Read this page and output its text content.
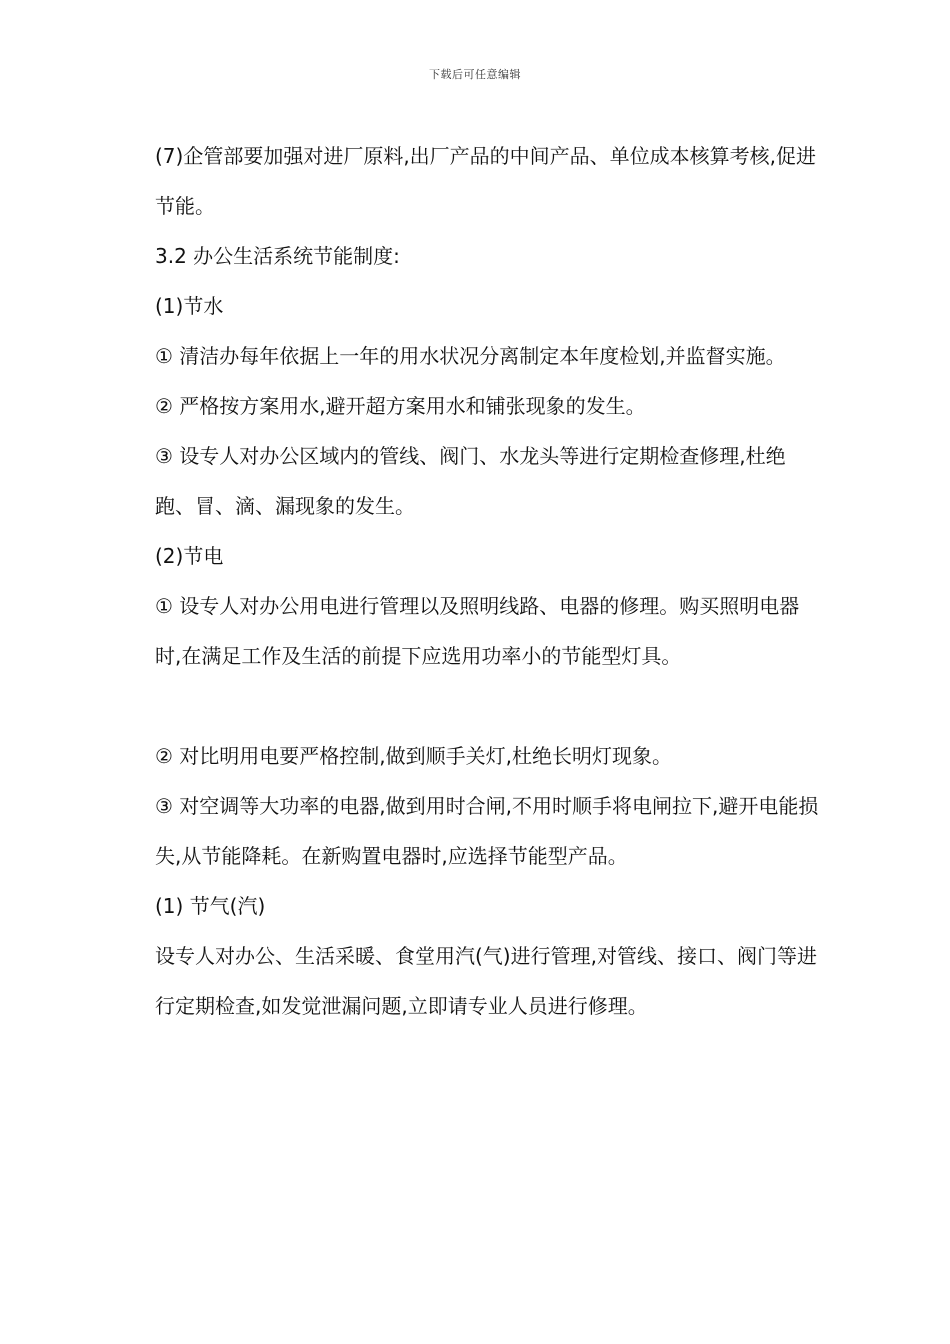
下载后可任意编辑

(7)企管部要加强对进厂原料,出厂产品的中间产品、单位成本核算考核,促进节能。

3.2 办公生活系统节能制度:

(1)节水

① 清洁办每年依据上一年的用水状况分离制定本年度检划,并监督实施。

② 严格按方案用水,避开超方案用水和铺张现象的发生。

③ 设专人对办公区域内的管线、阀门、水龙头等进行定期检查修理,杜绝跑、冒、滴、漏现象的发生。

(2)节电

① 设专人对办公用电进行管理以及照明线路、电器的修理。购买照明电器时,在满足工作及生活的前提下应选用功率小的节能型灯具。

② 对比明用电要严格控制,做到顺手关灯,杜绝长明灯现象。

③ 对空调等大功率的电器,做到用时合闸,不用时顺手将电闸拉下,避开电能损失,从节能降耗。在新购置电器时,应选择节能型产品。

(1) 节气(汽)

设专人对办公、生活采暖、食堂用汽(气)进行管理,对管线、接口、阀门等进行定期检查,如发觉泄漏问题,立即请专业人员进行修理。
